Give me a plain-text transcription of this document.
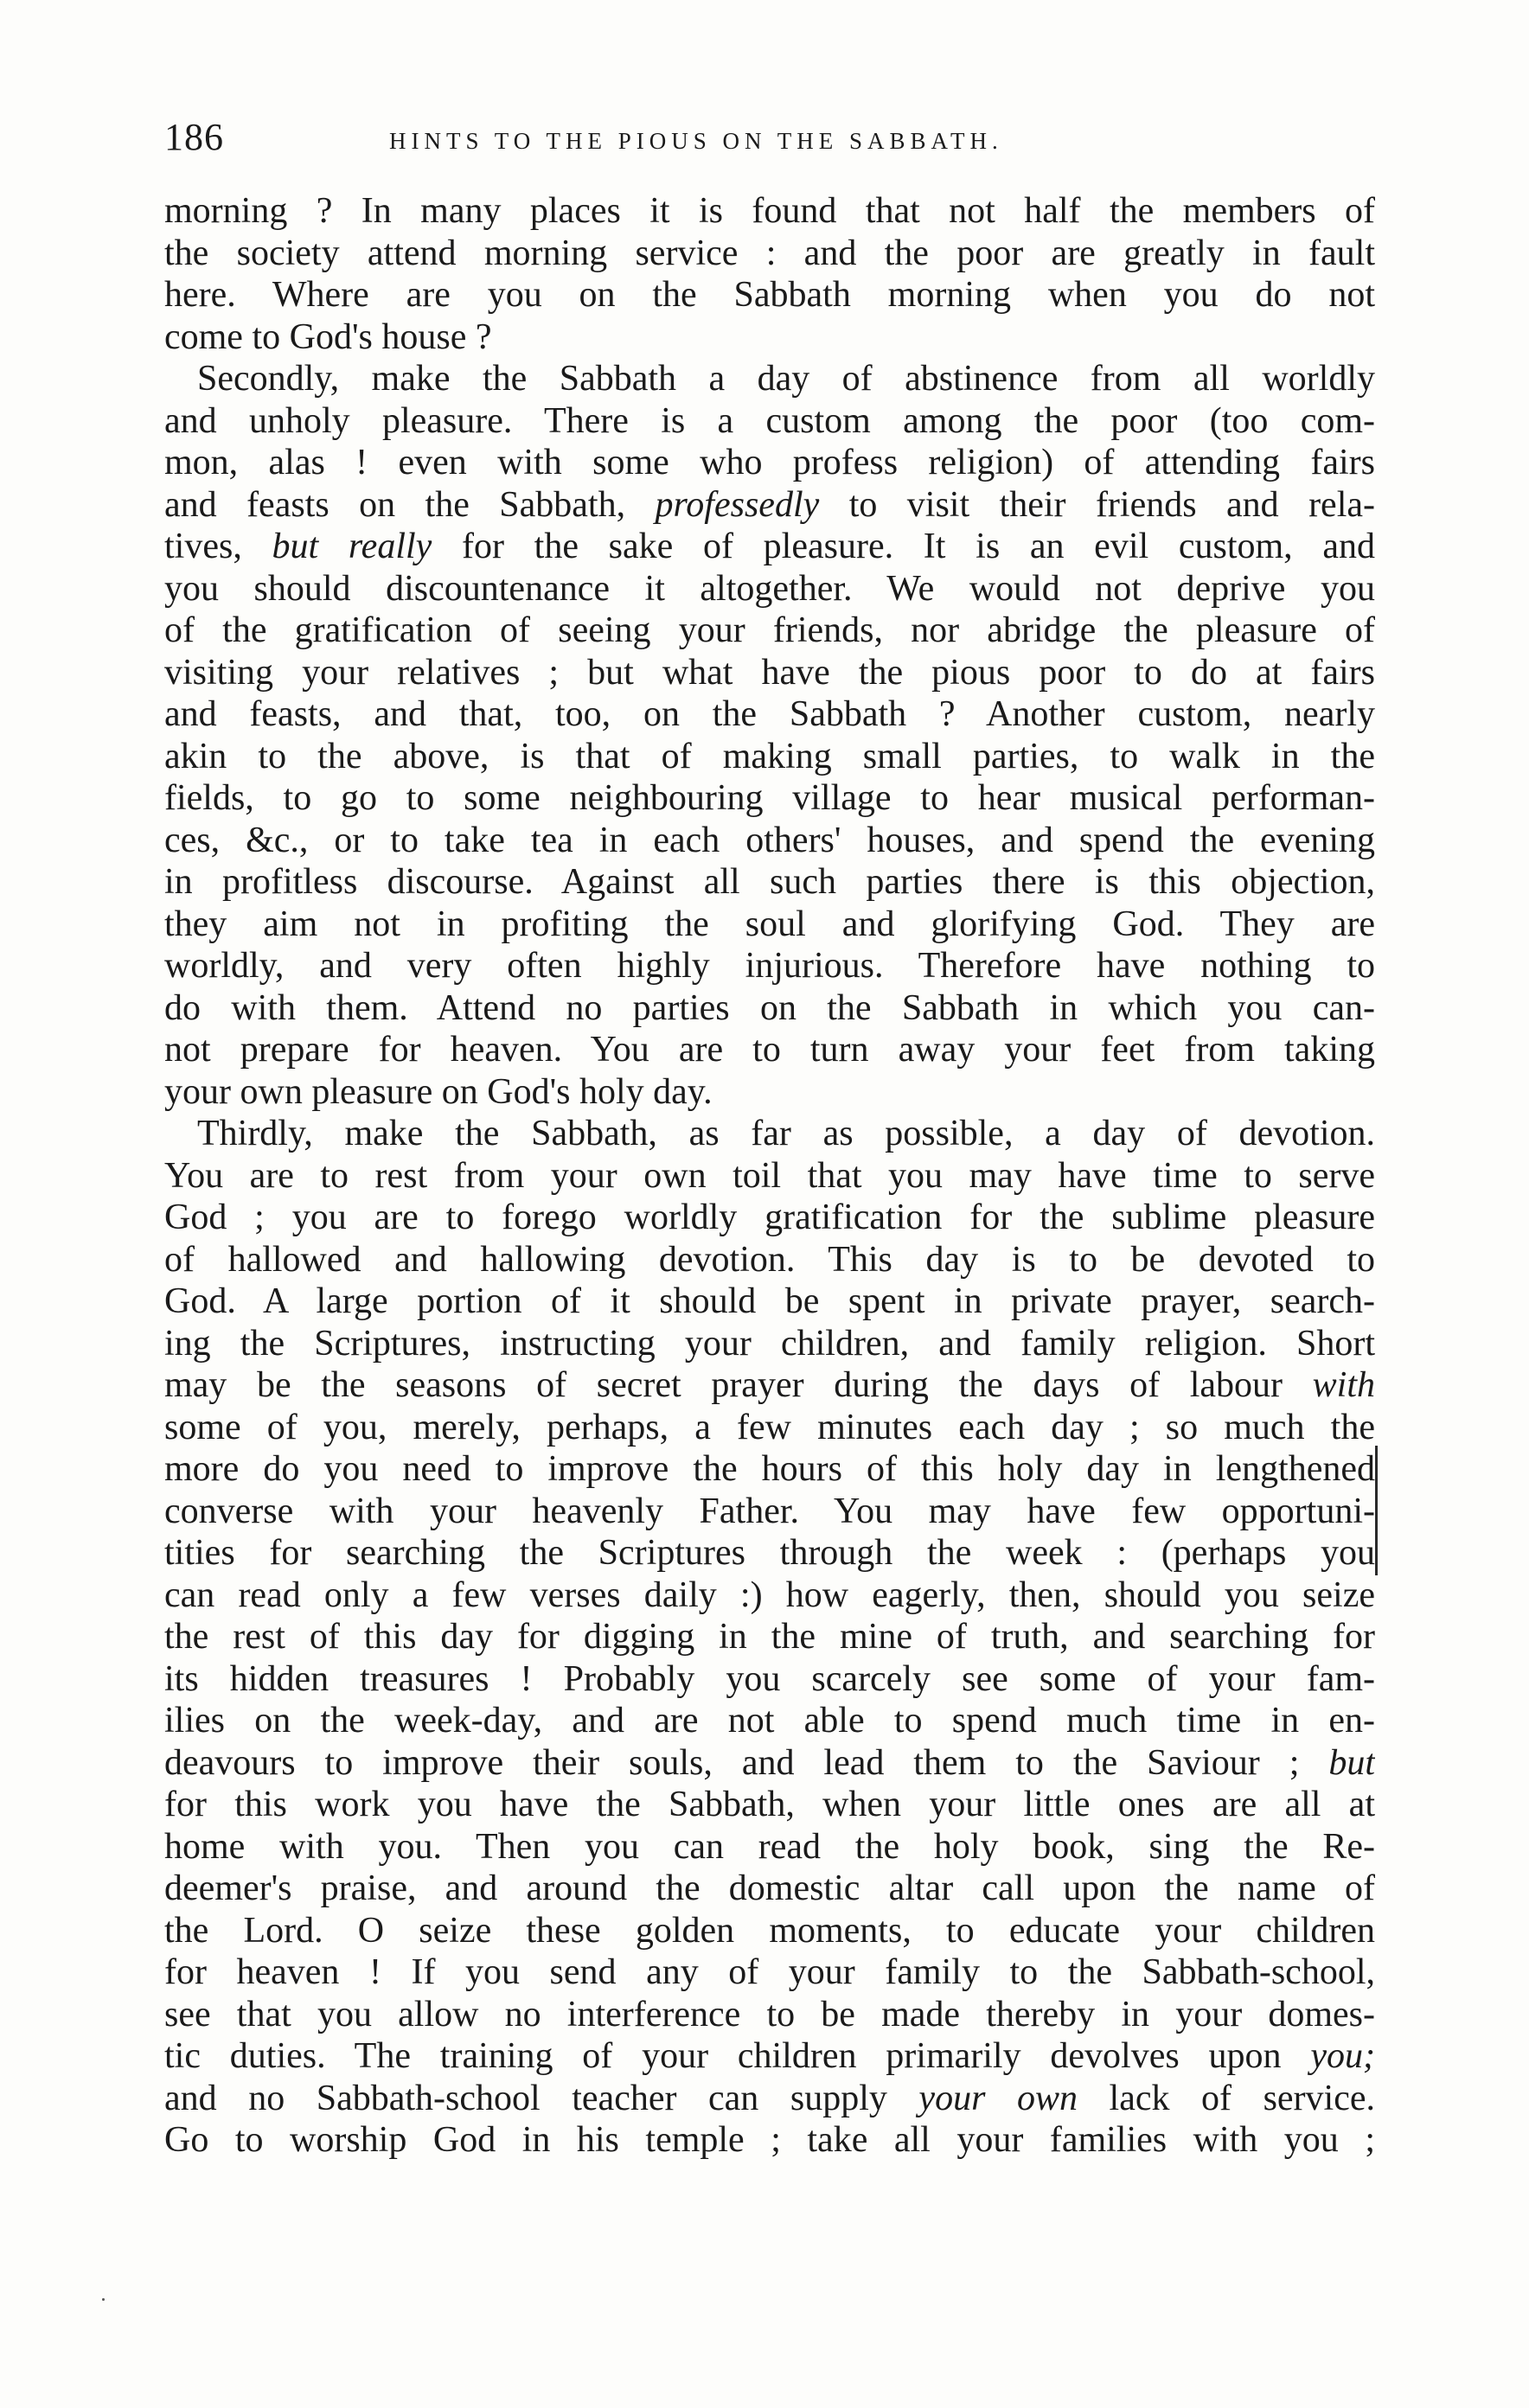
186	HINTS TO THE PIOUS ON THE SABBATH.
morning ? In many places it is found that not half the members of
the society attend morning service : and the poor are greatly in fault
here. Where are you on the Sabbath morning when you do not
come to God's house ?
Secondly, make the Sabbath a day of abstinence from all worldly
and unholy pleasure. There is a custom among the poor (too com-
mon, alas ! even with some who profess religion) of attending fairs
and feasts on the Sabbath, professedly to visit their friends and rela-
tives, but really for the sake of pleasure. It is an evil custom, and
you should discountenance it altogether. We would not deprive you
of the gratification of seeing your friends, nor abridge the pleasure of
visiting your relatives ; but what have the pious poor to do at fairs
and feasts, and that, too, on the Sabbath ? Another custom, nearly
akin to the above, is that of making small parties, to walk in the
fields, to go to some neighbouring village to hear musical performan-
ces, &c., or to take tea in each others' houses, and spend the evening
in profitless discourse. Against all such parties there is this objection,
they aim not in profiting the soul and glorifying God. They are
worldly, and very often highly injurious. Therefore have nothing to
do with them. Attend no parties on the Sabbath in which you can-
not prepare for heaven. You are to turn away your feet from taking
your own pleasure on God's holy day.
Thirdly, make the Sabbath, as far as possible, a day of devotion.
You are to rest from your own toil that you may have time to serve
God ; you are to forego worldly gratification for the sublime pleasure
of hallowed and hallowing devotion. This day is to be devoted to
God. A large portion of it should be spent in private prayer, search-
ing the Scriptures, instructing your children, and family religion. Short
may be the seasons of secret prayer during the days of labour with
some of you, merely, perhaps, a few minutes each day ; so much the
more do you need to improve the hours of this holy day in lengthened
converse with your heavenly Father. You may have few opportuni-
tities for searching the Scriptures through the week : (perhaps you
can read only a few verses daily :) how eagerly, then, should you seize
the rest of this day for digging in the mine of truth, and searching for
its hidden treasures ! Probably you scarcely see some of your fam-
ilies on the week-day, and are not able to spend much time in en-
deavours to improve their souls, and lead them to the Saviour ; but
for this work you have the Sabbath, when your little ones are all at
home with you. Then you can read the holy book, sing the Re-
deemer's praise, and around the domestic altar call upon the name of
the Lord. O seize these golden moments, to educate your children
for heaven ! If you send any of your family to the Sabbath-school,
see that you allow no interference to be made thereby in your domes-
tic duties. The training of your children primarily devolves upon you;
and no Sabbath-school teacher can supply your own lack of service.
Go to worship God in his temple ; take all your families with you ;
